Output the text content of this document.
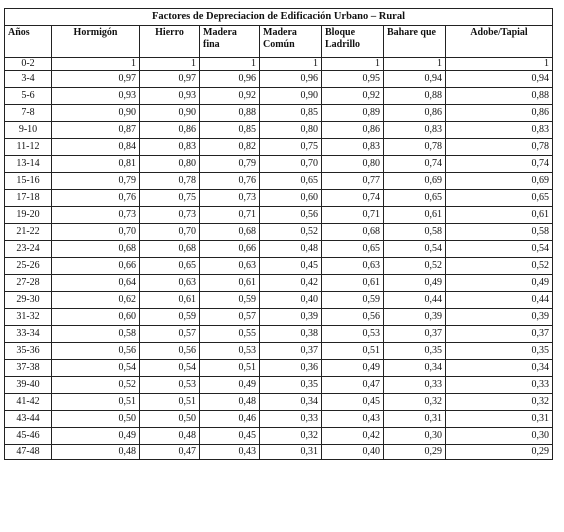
Factores de Depreciacion de Edificación Urbano – Rural
Años	Hormigón	Hierro	Madera fina	Madera Común	Bloque Ladrillo	Bahare que	Adobe/Tapial
0-2	1	1	1	1	1	1	1
3-4	0,97	0,97	0,96	0,96	0,95	0,94	0,94
5-6	0,93	0,93	0,92	0,90	0,92	0,88	0,88
7-8	0,90	0,90	0,88	0,85	0,89	0,86	0,86
9-10	0,87	0,86	0,85	0,80	0,86	0,83	0,83
11-12	0,84	0,83	0,82	0,75	0,83	0,78	0,78
13-14	0,81	0,80	0,79	0,70	0,80	0,74	0,74
15-16	0,79	0,78	0,76	0,65	0,77	0,69	0,69
17-18	0,76	0,75	0,73	0,60	0,74	0,65	0,65
19-20	0,73	0,73	0,71	0,56	0,71	0,61	0,61
21-22	0,70	0,70	0,68	0,52	0,68	0,58	0,58
23-24	0,68	0,68	0,66	0,48	0,65	0,54	0,54
25-26	0,66	0,65	0,63	0,45	0,63	0,52	0,52
27-28	0,64	0,63	0,61	0,42	0,61	0,49	0,49
29-30	0,62	0,61	0,59	0,40	0,59	0,44	0,44
31-32	0,60	0,59	0,57	0,39	0,56	0,39	0,39
33-34	0,58	0,57	0,55	0,38	0,53	0,37	0,37
35-36	0,56	0,56	0,53	0,37	0,51	0,35	0,35
37-38	0,54	0,54	0,51	0,36	0,49	0,34	0,34
39-40	0,52	0,53	0,49	0,35	0,47	0,33	0,33
41-42	0,51	0,51	0,48	0,34	0,45	0,32	0,32
43-44	0,50	0,50	0,46	0,33	0,43	0,31	0,31
45-46	0,49	0,48	0,45	0,32	0,42	0,30	0,30
47-48	0,48	0,47	0,43	0,31	0,40	0,29	0,29
